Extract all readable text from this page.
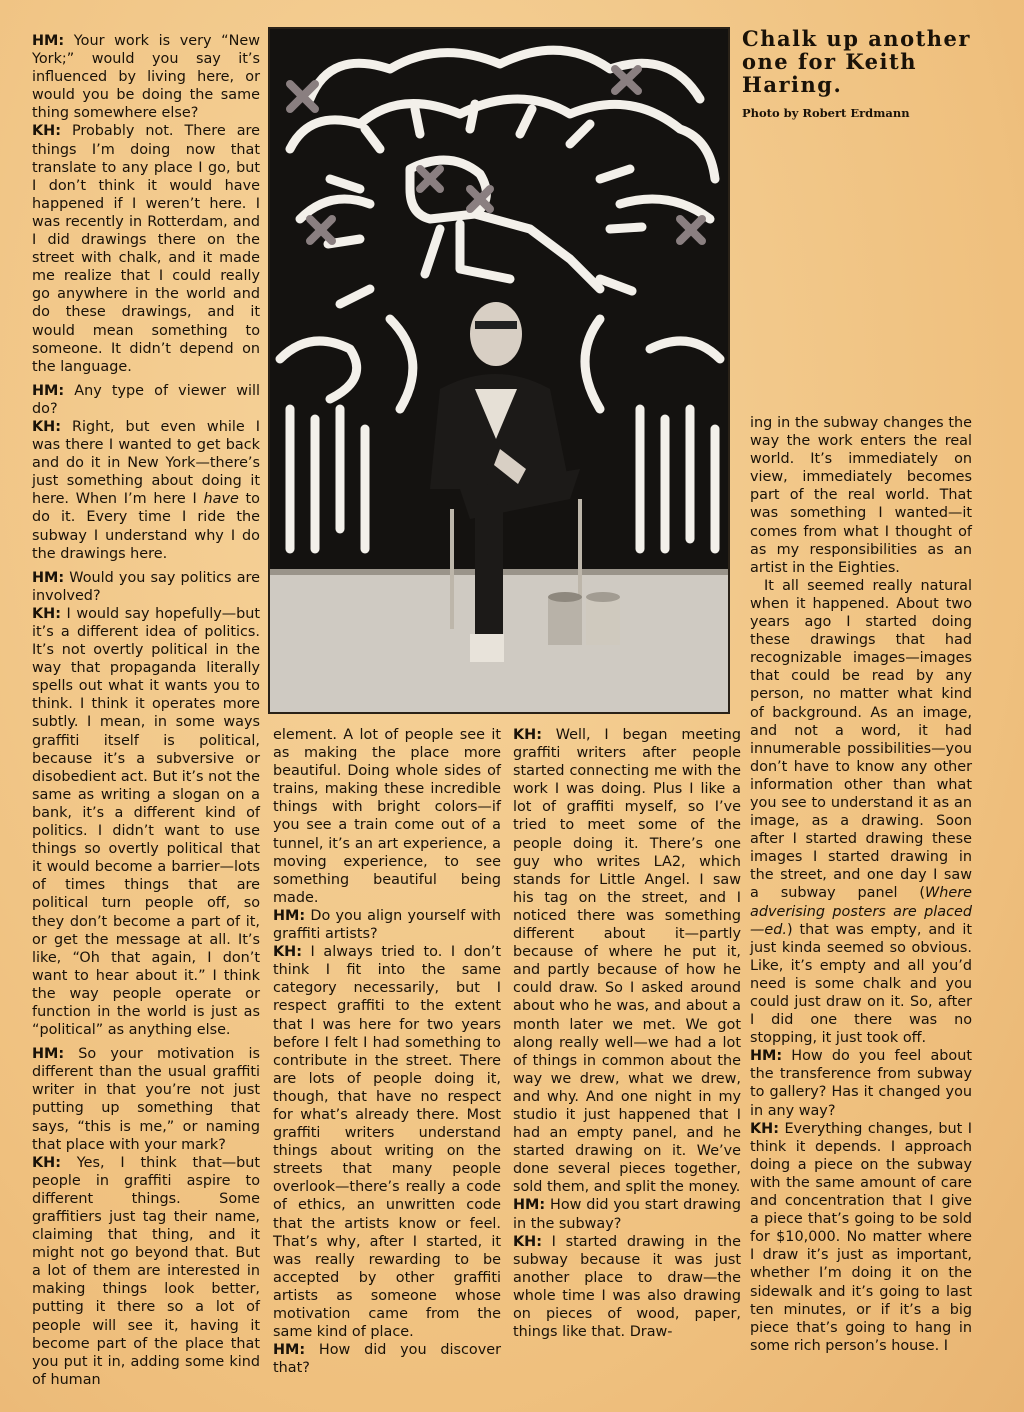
HM: Your work is very “New York;” would you say it’s influenced by living here, or would you be doing the same thing somewhere else?

KH: Probably not. There are things I’m doing now that translate to any place I go, but I don’t think it would have happened if I weren’t here. I was recently in Rotterdam, and I did drawings there on the street with chalk, and it made me realize that I could really go anywhere in the world and do these drawings, and it would mean something to someone. It didn’t depend on the language.

HM: Any type of viewer will do?

KH: Right, but even while I was there I wanted to get back and do it in New York—there’s just something about doing it here. When I’m here I have to do it. Every time I ride the subway I understand why I do the drawings here.

HM: Would you say politics are involved?

KH: I would say hopefully—but it’s a different idea of politics. It’s not overtly political in the way that propaganda literally spells out what it wants you to think. I think it operates more subtly. I mean, in some ways graffiti itself is political, because it’s a subversive or disobedient act. But it’s not the same as writing a slogan on a bank, it’s a different kind of politics. I didn’t want to use things so overtly political that it would become a barrier—lots of times things that are political turn people off, so they don’t become a part of it, or get the message at all. It’s like, “Oh that again, I don’t want to hear about it.” I think the way people operate or function in the world is just as “political” as anything else.

HM: So your motivation is different than the usual graffiti writer in that you’re not just putting up something that says, “this is me,” or naming that place with your mark?

KH: Yes, I think that—but people in graffiti aspire to different things. Some graffitiers just tag their name, claiming that thing, and it might not go beyond that. But a lot of them are interested in making things look better, putting it there so a lot of people will see it, having it become part of the place that you put it in, adding some kind of human

Chalk up another one for Keith Haring.

Photo by Robert Erdmann

element. A lot of people see it as making the place more beautiful. Doing whole sides of trains, making these incredible things with bright colors—if you see a train come out of a tunnel, it’s an art experience, a moving experience, to see something beautiful being made.

HM: Do you align yourself with graffiti artists?

KH: I always tried to. I don’t think I fit into the same category necessarily, but I respect graffiti to the extent that I was here for two years before I felt I had something to contribute in the street. There are lots of people doing it, though, that have no respect for what’s already there. Most graffiti writers understand things about writing on the streets that many people overlook—there’s really a code of ethics, an unwritten code that the artists know or feel. That’s why, after I started, it was really rewarding to be accepted by other graffiti artists as someone whose motivation came from the same kind of place.

HM: How did you discover that?

KH: Well, I began meeting graffiti writers after people started connecting me with the work I was doing. Plus I like a lot of graffiti myself, so I’ve tried to meet some of the people doing it. There’s one guy who writes LA2, which stands for Little Angel. I saw his tag on the street, and I noticed there was something different about it—partly because of where he put it, and partly because of how he could draw. So I asked around about who he was, and about a month later we met. We got along really well—we had a lot of things in common about the way we drew, what we drew, and why. And one night in my studio it just happened that I had an empty panel, and he started drawing on it. We’ve done several pieces together, sold them, and split the money.

HM: How did you start drawing in the subway?

KH: I started drawing in the subway because it was just another place to draw—the whole time I was also drawing on pieces of wood, paper, things like that. Draw-

ing in the subway changes the way the work enters the real world. It’s immediately on view, immediately becomes part of the real world. That was something I wanted—it comes from what I thought of as my responsibilities as an artist in the Eighties.

It all seemed really natural when it happened. About two years ago I started doing these drawings that had recognizable images—images that could be read by any person, no matter what kind of background. As an image, and not a word, it had innumerable possibilities—you don’t have to know any other information other than what you see to understand it as an image, as a drawing. Soon after I started drawing these images I started drawing in the street, and one day I saw a subway panel (Where adverising posters are placed—ed.) that was empty, and it just kinda seemed so obvious. Like, it’s empty and all you’d need is some chalk and you could just draw on it. So, after I did one there was no stopping, it just took off.

HM: How do you feel about the transference from subway to gallery? Has it changed you in any way?

KH: Everything changes, but I think it depends. I approach doing a piece on the subway with the same amount of care and concentration that I give a piece that’s going to be sold for $10,000. No matter where I draw it’s just as important, whether I’m doing it on the sidewalk and it’s going to last ten minutes, or if it’s a big piece that’s going to hang in some rich person’s house. I
